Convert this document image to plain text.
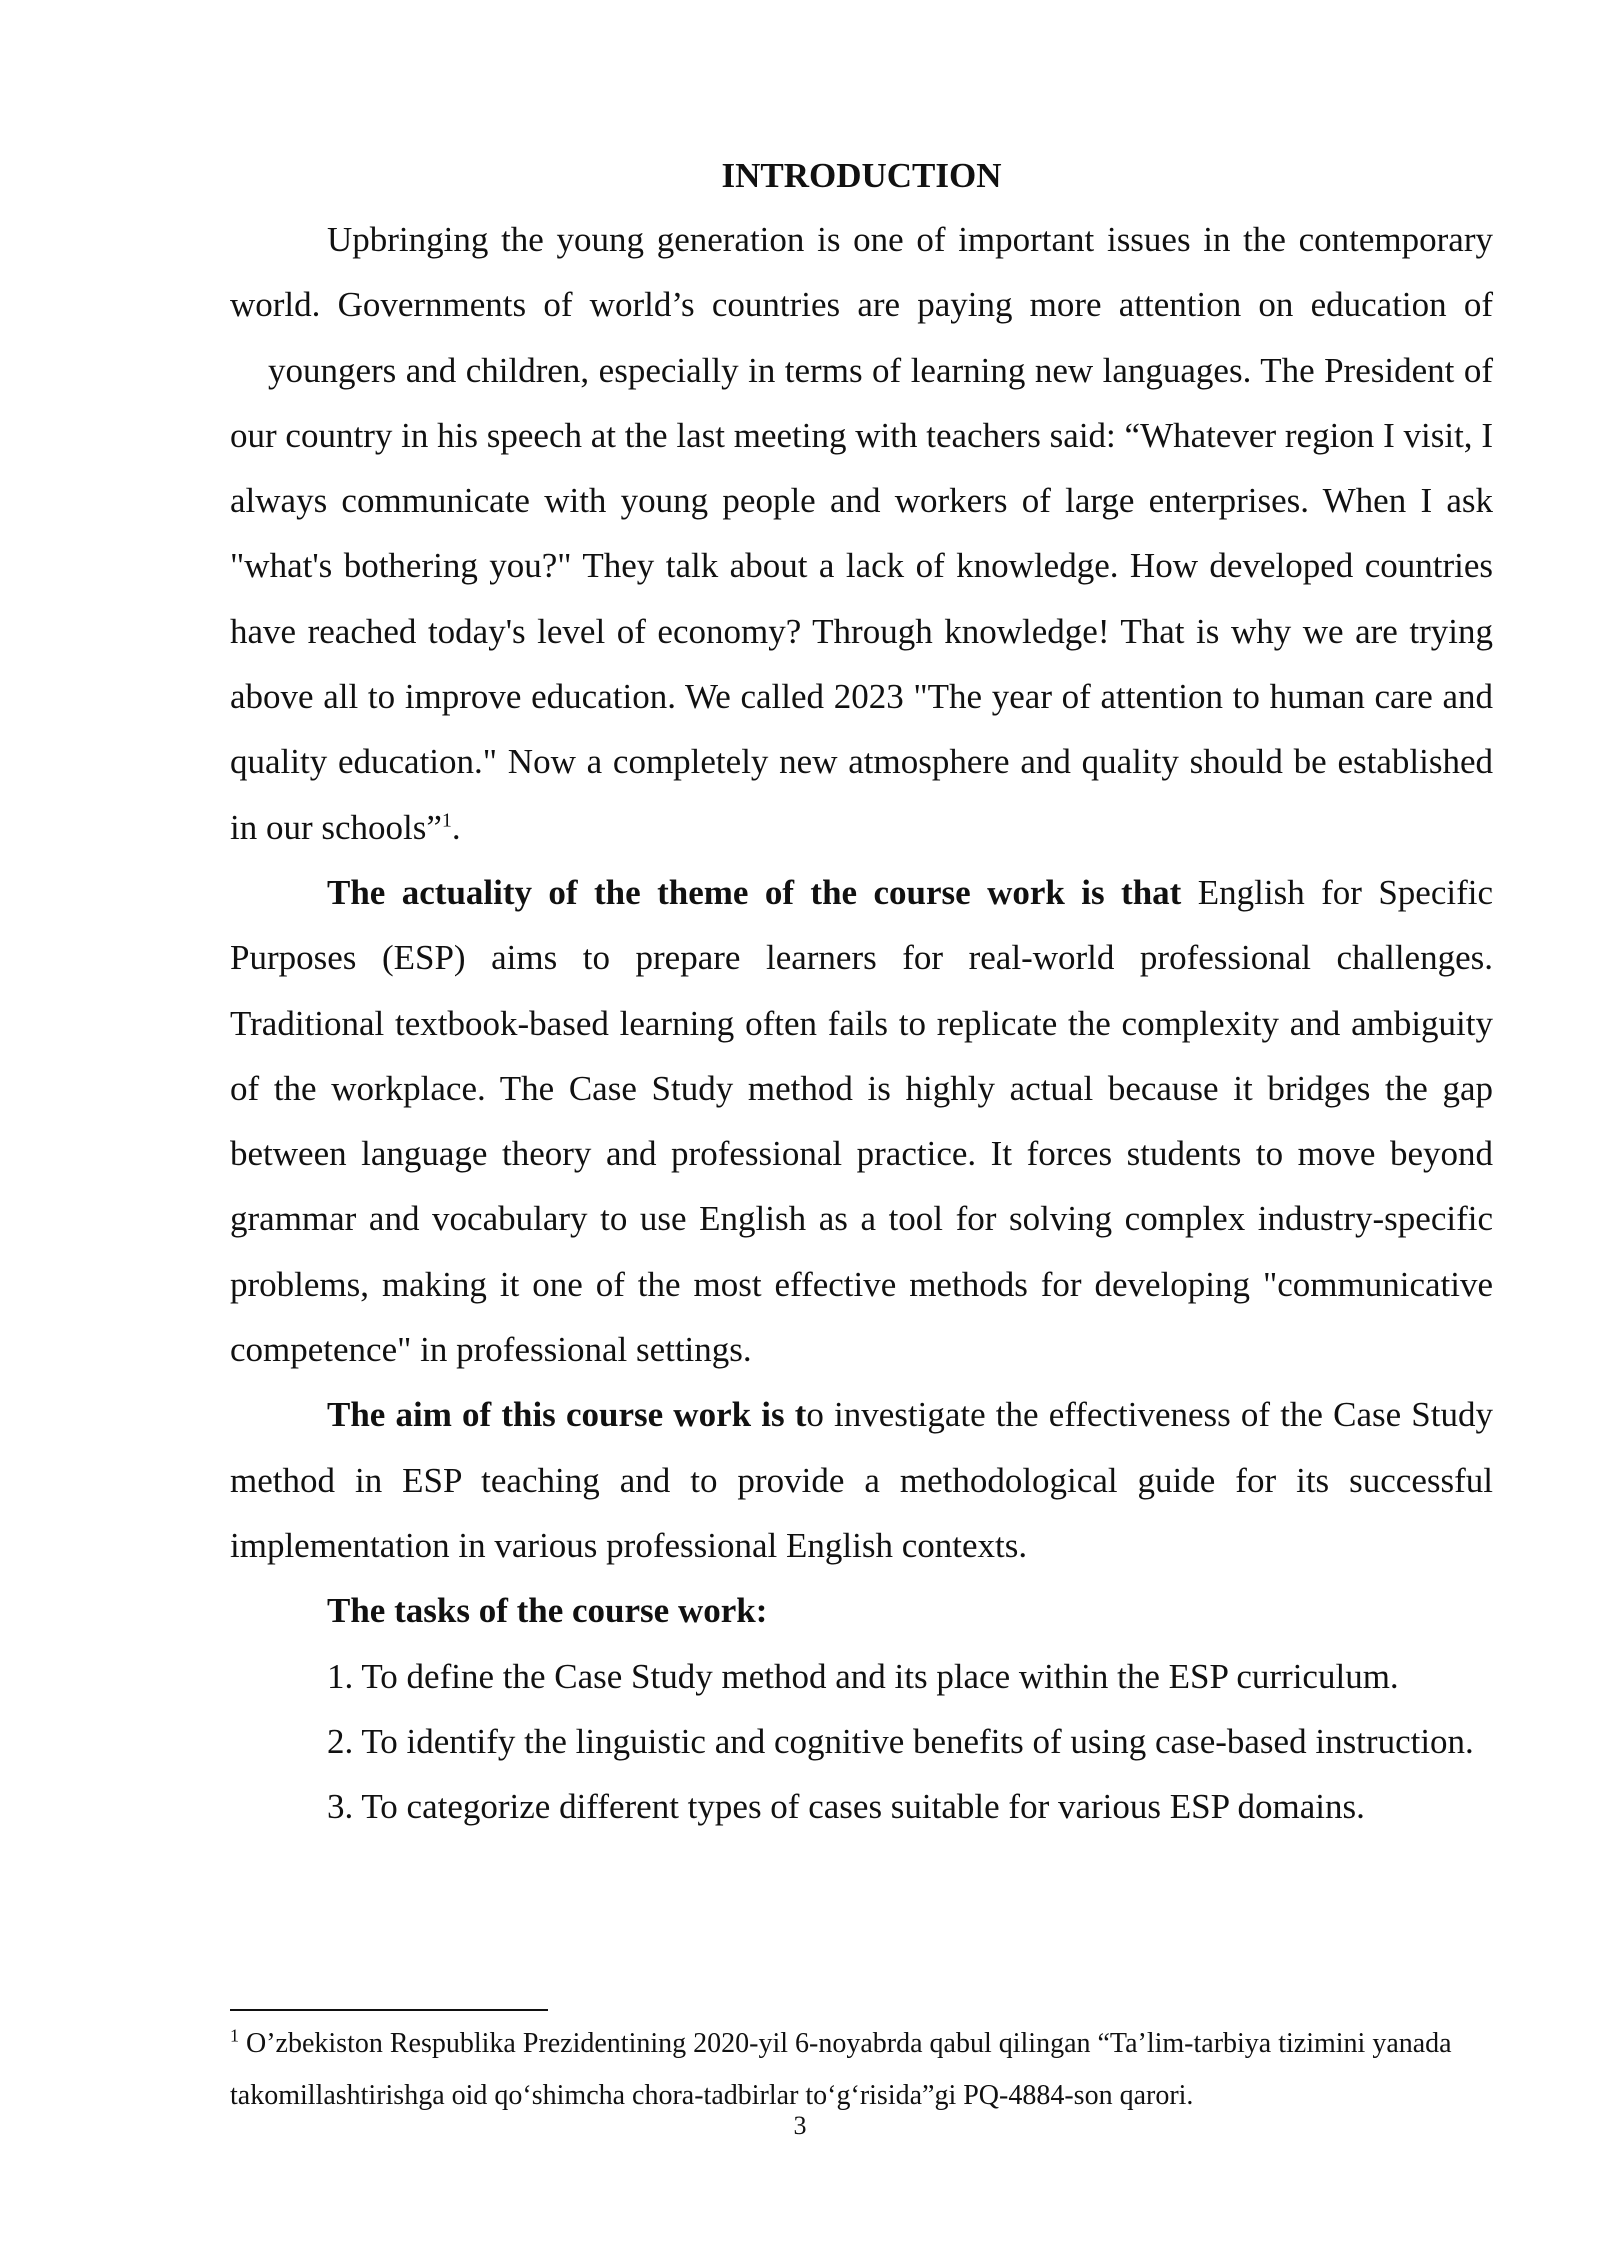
INTRODUCTION

Upbringing the young generation is one of important issues in the contemporary world. Governments of world’s countries are paying more attention on education of     youngers and children, especially in terms of learning new languages. The President of our country in his speech at the last meeting with teachers said: “Whatever region I visit, I always communicate with young people and workers of large enterprises. When I ask "what's bothering you?" They talk about a lack of knowledge. How developed countries have reached today's level of economy? Through knowledge! That is why we are trying above all to improve education. We called 2023 "The year of attention to human care and quality education." Now a completely new atmosphere and quality should be established in our schools”$^1$.

The actuality of the theme of the course work is that English for Specific Purposes (ESP) aims to prepare learners for real-world professional challenges. Traditional textbook-based learning often fails to replicate the complexity and ambiguity of the workplace. The Case Study method is highly actual because it bridges the gap between language theory and professional practice. It forces students to move beyond grammar and vocabulary to use English as a tool for solving complex industry-specific problems, making it one of the most effective methods for developing "communicative competence" in professional settings.

The aim of this course work is to investigate the effectiveness of the Case Study method in ESP teaching and to provide a methodological guide for its successful implementation in various professional English contexts.

The tasks of the course work:

1. To define the Case Study method and its place within the ESP curriculum.

2. To identify the linguistic and cognitive benefits of using case-based instruction.

3. To categorize different types of cases suitable for various ESP domains.

$^1$ O’zbekiston Respublika Prezidentining 2020-yil 6-noyabrda qabul qilingan “Ta’lim-tarbiya tizimini yanada takomillashtirishga oid qo‘shimcha chora-tadbirlar to‘g‘risida”gi PQ-4884-son qarori.
3
